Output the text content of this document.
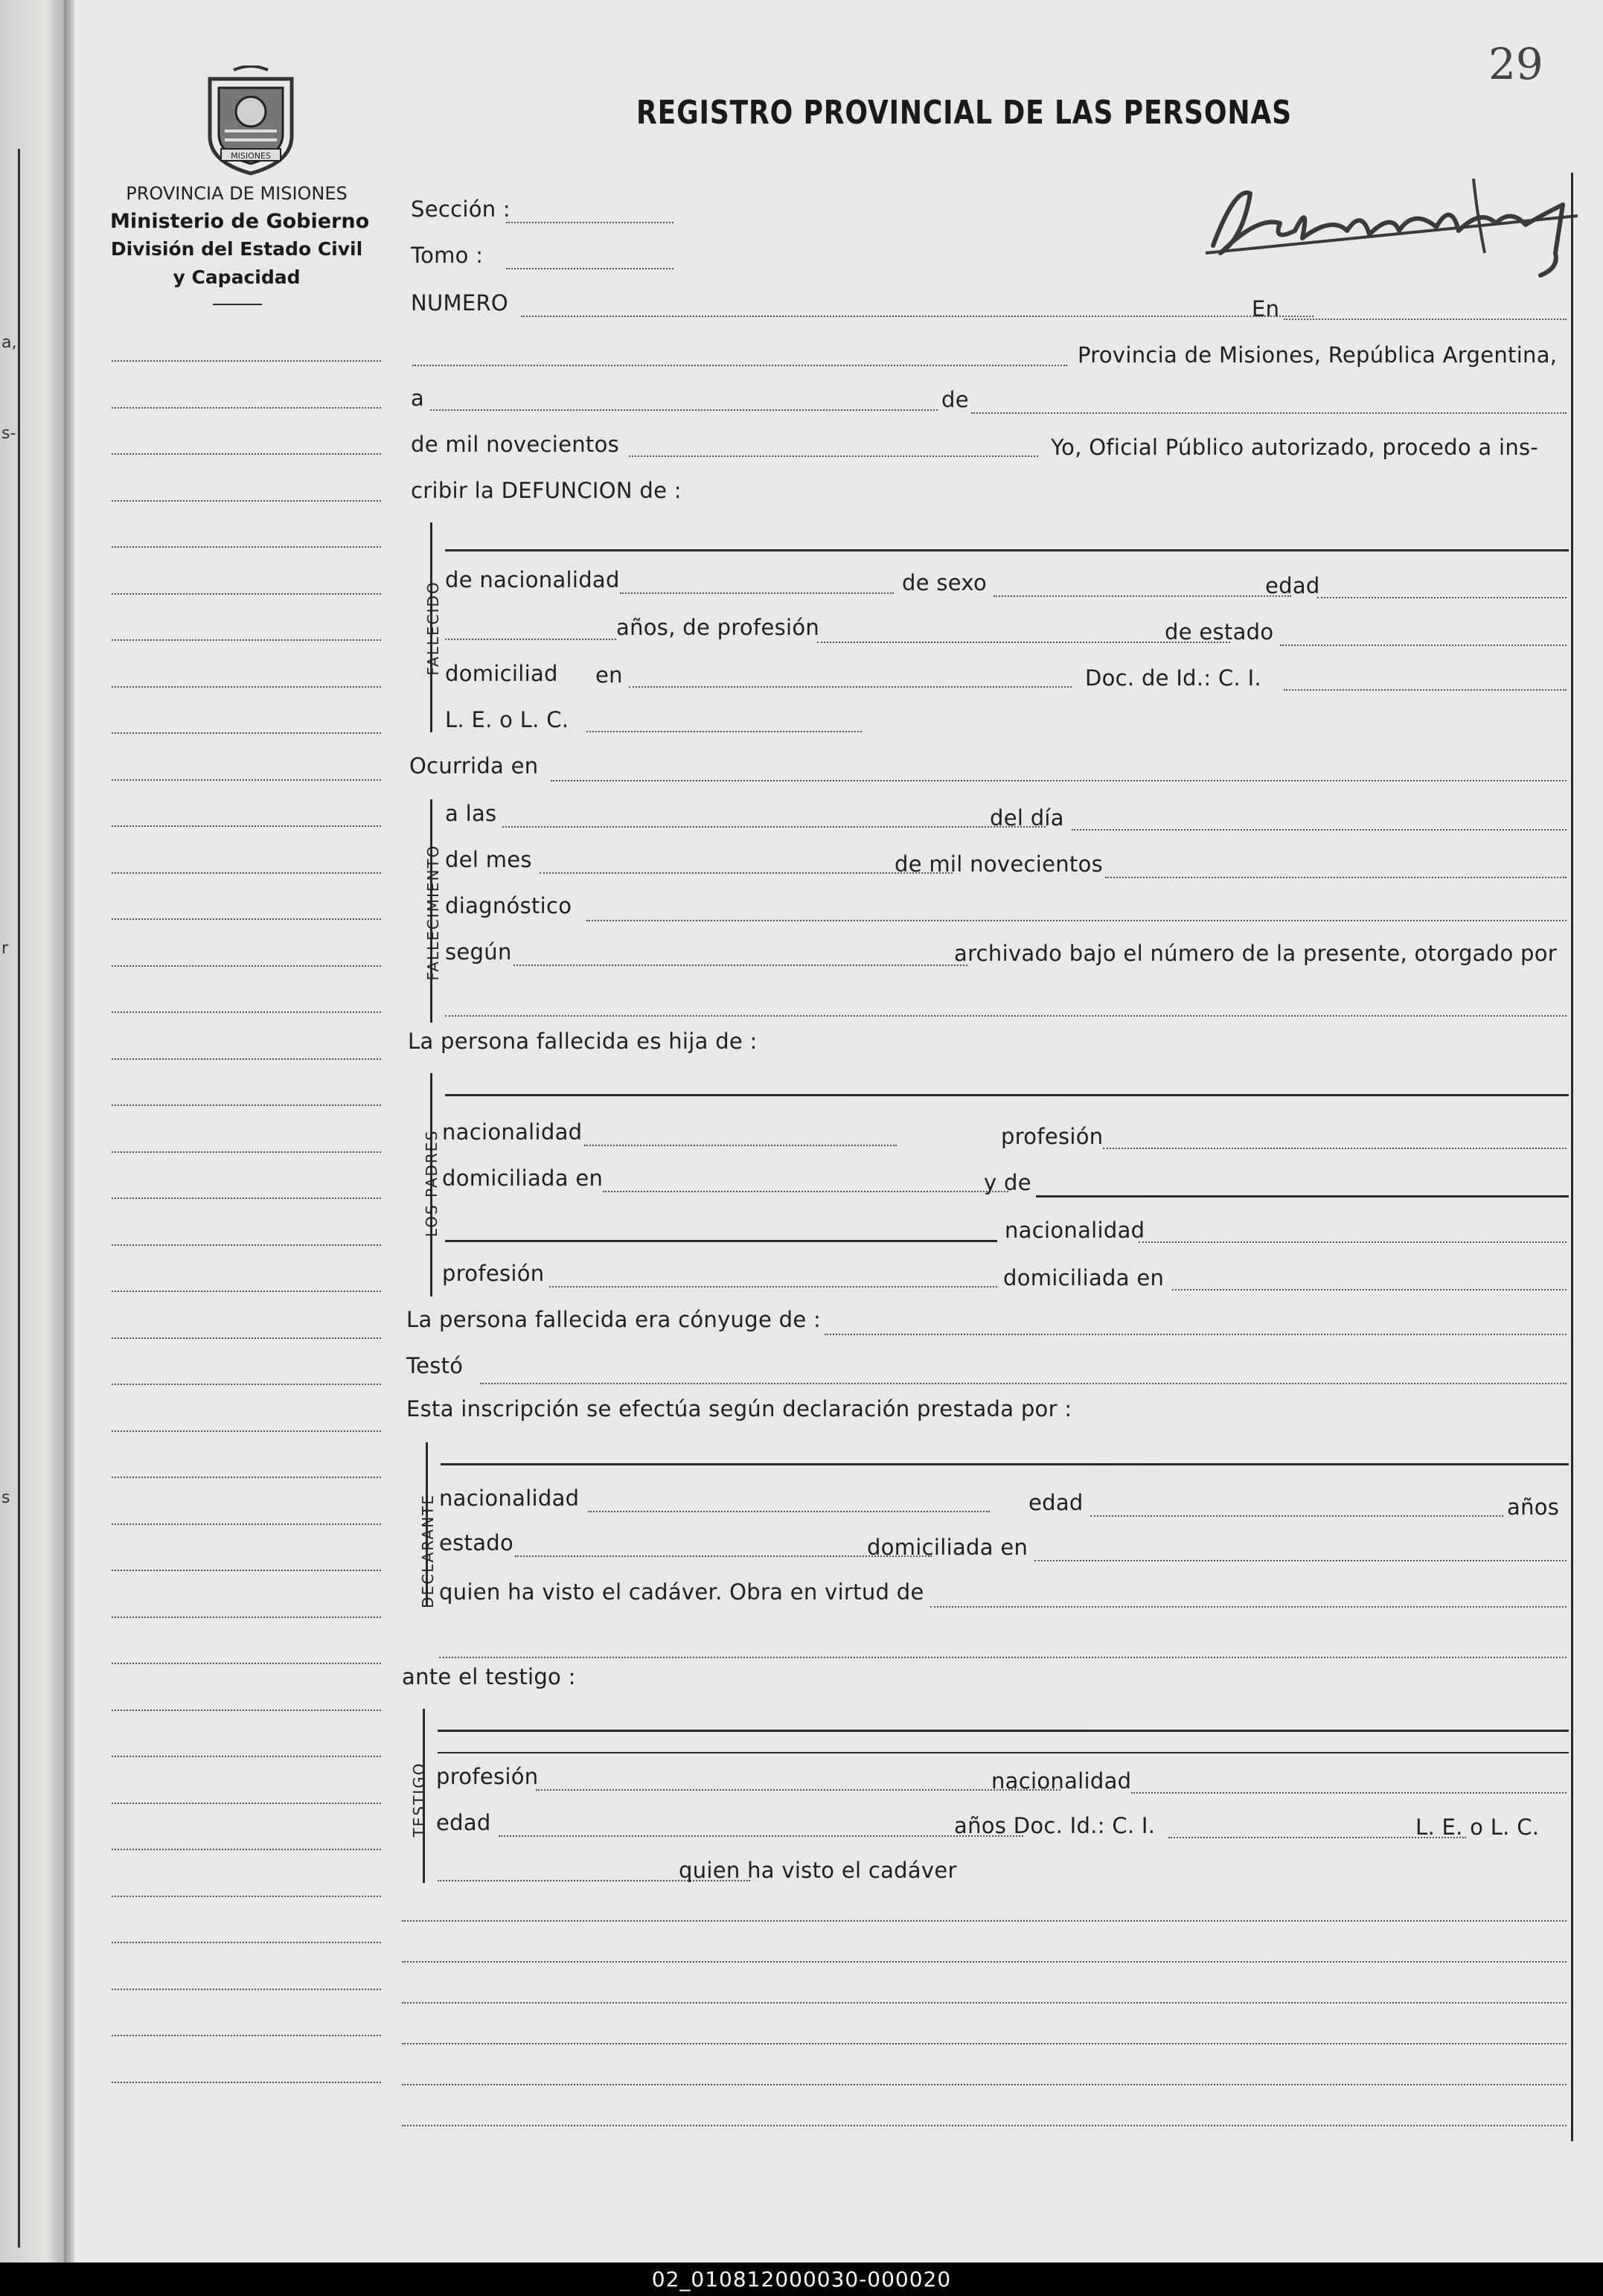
a,
s-
r
s
MISIONES
PROVINCIA DE MISIONES
Ministerio de Gobierno
División del Estado Civil
y Capacidad
REGISTRO PROVINCIAL DE LAS PERSONAS
29
Sección :
Tomo :
NUMERO	En
Provincia de Misiones, República Argentina,
a	de
de mil novecientos	Yo, Oficial Público autorizado, procedo a ins-
cribir la DEFUNCION de :
FALLECIDO
de nacionalidad	de sexo	edad
años, de profesión	de estado
domiciliad en	Doc. de Id.: C. I.
L. E. o L. C.
Ocurrida en
FALLECIMIENTO
a las	del día
del mes	de mil novecientos
diagnóstico
según	archivado bajo el número de la presente, otorgado por
La persona fallecida es hija de :
LOS PADRES nacionalidad	profesión
domiciliada en	y de
nacionalidad
profesión	domiciliada en
La persona fallecida era cónyuge de :
Testó
Esta inscripción se efectúa según declaración prestada por :
DECLARANTE nacionalidad	edad	años
estado	domiciliada en
quien ha visto el cadáver. Obra en virtud de
ante el testigo :
TESTIGO profesión	nacionalidad
edad	años Doc. Id.: C. I.	L. E. o L. C.
quien ha visto el cadáver
02_010812000030-000020
